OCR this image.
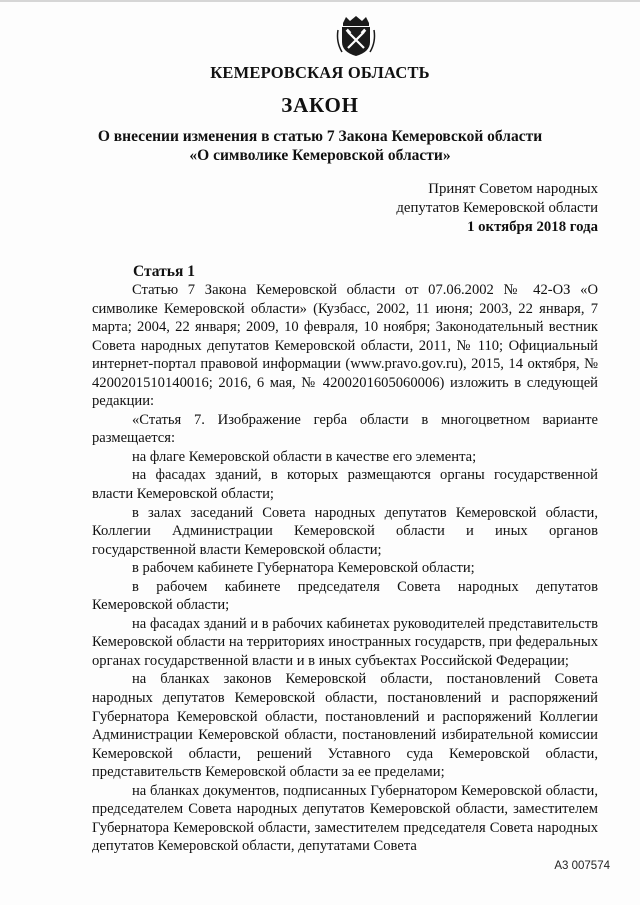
КЕМЕРОВСКАЯ ОБЛАСТЬ
ЗАКОН
О внесении изменения в статью 7 Закона Кемеровской области
«О символике Кемеровской области»
Принят Советом народных
депутатов Кемеровской области
1 октября 2018 года
Статья 1

Статью 7 Закона Кемеровской области от 07.06.2002 № 42-ОЗ «О символике Кемеровской области» (Кузбасс, 2002, 11 июня; 2003, 22 января, 7 марта; 2004, 22 января; 2009, 10 февраля, 10 ноября; Законодательный вестник Совета народных депутатов Кемеровской области, 2011, № 110; Официальный интернет-портал правовой информации (www.pravo.gov.ru), 2015, 14 октября, № 4200201510140016; 2016, 6 мая, № 4200201605060006) изложить в следующей редакции:

«Статья 7. Изображение герба области в многоцветном варианте размещается:

на флаге Кемеровской области в качестве его элемента;

на фасадах зданий, в которых размещаются органы государственной власти Кемеровской области;

в залах заседаний Совета народных депутатов Кемеровской области, Коллегии Администрации Кемеровской области и иных органов государственной власти Кемеровской области;

в рабочем кабинете Губернатора Кемеровской области;

в рабочем кабинете председателя Совета народных депутатов Кемеровской области;

на фасадах зданий и в рабочих кабинетах руководителей представительств Кемеровской области на территориях иностранных государств, при федеральных органах государственной власти и в иных субъектах Российской Федерации;

на бланках законов Кемеровской области, постановлений Совета народных депутатов Кемеровской области, постановлений и распоряжений Губернатора Кемеровской области, постановлений и распоряжений Коллегии Администрации Кемеровской области, постановлений избирательной комиссии Кемеровской области, решений Уставного суда Кемеровской области, представительств Кемеровской области за ее пределами;

на бланках документов, подписанных Губернатором Кемеровской области, председателем Совета народных депутатов Кемеровской области, заместителем Губернатора Кемеровской области, заместителем председателя Совета народных депутатов Кемеровской области, депутатами Совета

А3 007574
